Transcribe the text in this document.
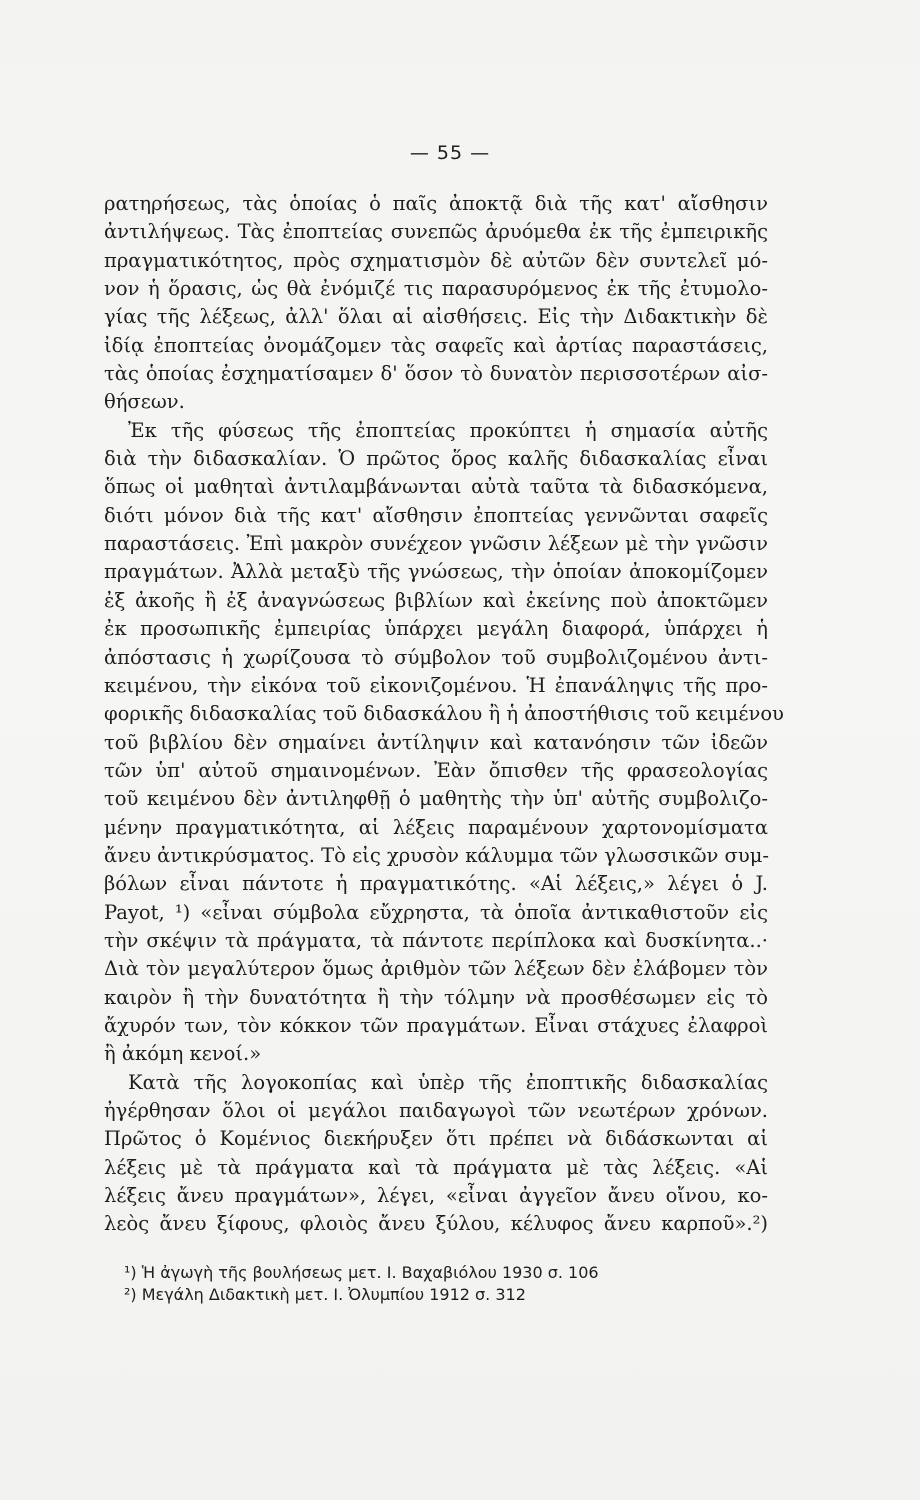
— 55 —
ρατηρήσεως, τὰς ὁποίας ὁ παῖς ἀποκτᾷ διὰ τῆς κατ' αἴσθησιν
ἀντιλήψεως. Τὰς ἐποπτείας συνεπῶς ἀρυόμεθα ἐκ τῆς ἐμπειρικῆς
πραγματικότητος, πρὸς σχηματισμὸν δὲ αὐτῶν δὲν συντελεῖ μό-
νον ἡ ὅρασις, ὡς θὰ ἐνόμιζέ τις παρασυρόμενος ἐκ τῆς ἐτυμολο-
γίας τῆς λέξεως, ἀλλ' ὅλαι αἱ αἰσθήσεις. Εἰς τὴν Διδακτικὴν δὲ
ἰδίᾳ ἐποπτείας ὀνομάζομεν τὰς σαφεῖς καὶ ἀρτίας παραστάσεις,
τὰς ὁποίας ἐσχηματίσαμεν δ' ὅσον τὸ δυνατὸν περισσοτέρων αἰσ-
θήσεων.
Ἐκ τῆς φύσεως τῆς ἐποπτείας προκύπτει ἡ σημασία αὐτῆς
διὰ τὴν διδασκαλίαν. Ὁ πρῶτος ὅρος καλῆς διδασκαλίας εἶναι
ὅπως οἱ μαθηταὶ ἀντιλαμβάνωνται αὐτὰ ταῦτα τὰ διδασκόμενα,
διότι μόνον διὰ τῆς κατ' αἴσθησιν ἐποπτείας γεννῶνται σαφεῖς
παραστάσεις. Ἐπὶ μακρὸν συνέχεον γνῶσιν λέξεων μὲ τὴν γνῶσιν
πραγμάτων. Ἀλλὰ μεταξὺ τῆς γνώσεως, τὴν ὁποίαν ἀποκομίζομεν
ἐξ ἀκοῆς ἢ ἐξ ἀναγνώσεως βιβλίων καὶ ἐκείνης ποὺ ἀποκτῶμεν
ἐκ προσωπικῆς ἐμπειρίας ὑπάρχει μεγάλη διαφορά, ὑπάρχει ἡ
ἀπόστασις ἡ χωρίζουσα τὸ σύμβολον τοῦ συμβολιζομένου ἀντι-
κειμένου, τὴν εἰκόνα τοῦ εἰκονιζομένου. Ἡ ἐπανάληψις τῆς προ-
φορικῆς διδασκαλίας τοῦ διδασκάλου ἢ ἡ ἀποστήθισις τοῦ κειμένου
τοῦ βιβλίου δὲν σημαίνει ἀντίληψιν καὶ κατανόησιν τῶν ἰδεῶν
τῶν ὑπ' αὐτοῦ σημαινομένων. Ἐὰν ὄπισθεν τῆς φρασεολογίας
τοῦ κειμένου δὲν ἀντιληφθῇ ὁ μαθητὴς τὴν ὑπ' αὐτῆς συμβολιζο-
μένην πραγματικότητα, αἱ λέξεις παραμένουν χαρτονομίσματα
ἄνευ ἀντικρύσματος. Τὸ εἰς χρυσὸν κάλυμμα τῶν γλωσσικῶν συμ-
βόλων εἶναι πάντοτε ἡ πραγματικότης. «Αἱ λέξεις,» λέγει ὁ J.
Payot, ¹) «εἶναι σύμβολα εὔχρηστα, τὰ ὁποῖα ἀντικαθιστοῦν εἰς
τὴν σκέψιν τὰ πράγματα, τὰ πάντοτε περίπλοκα καὶ δυσκίνητα..·
Διὰ τὸν μεγαλύτερον ὅμως ἀριθμὸν τῶν λέξεων δὲν ἐλάβομεν τὸν
καιρὸν ἢ τὴν δυνατότητα ἢ τὴν τόλμην νὰ προσθέσωμεν εἰς τὸ
ἄχυρόν των, τὸν κόκκον τῶν πραγμάτων. Εἶναι στάχυες ἐλαφροὶ
ἢ ἀκόμη κενοί.»
Κατὰ τῆς λογοκοπίας καὶ ὑπὲρ τῆς ἐποπτικῆς διδασκαλίας
ἠγέρθησαν ὅλοι οἱ μεγάλοι παιδαγωγοὶ τῶν νεωτέρων χρόνων.
Πρῶτος ὁ Κομένιος διεκήρυξεν ὅτι πρέπει νὰ διδάσκωνται αἱ
λέξεις μὲ τὰ πράγματα καὶ τὰ πράγματα μὲ τὰς λέξεις. «Αἱ
λέξεις ἄνευ πραγμάτων», λέγει, «εἶναι ἀγγεῖον ἄνευ οἴνου, κο-
λεὸς ἄνευ ξίφους, φλοιὸς ἄνευ ξύλου, κέλυφος ἄνευ καρποῦ».²)
¹) Ἡ ἀγωγὴ τῆς βουλήσεως μετ. Ι. Βαχαβιόλου 1930 σ. 106
²) Μεγάλη Διδακτικὴ μετ. Ι. Ὀλυμπίου 1912 σ. 312
